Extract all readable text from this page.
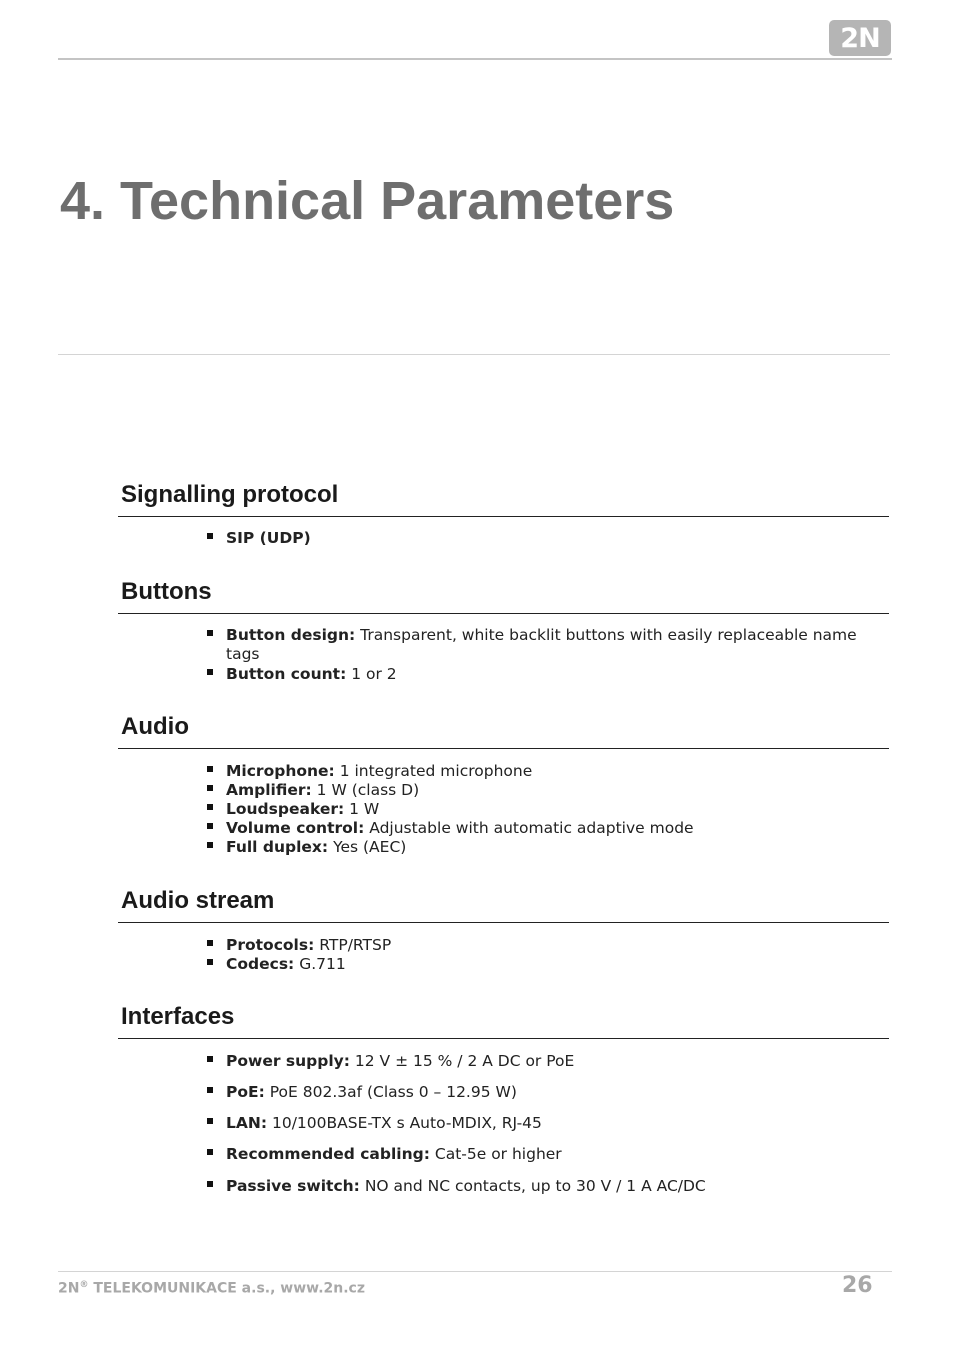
2N
4. Technical Parameters
Signalling protocol
SIP (UDP)
Buttons
Button design: Transparent, white backlit buttons with easily replaceable name tags
Button count: 1 or 2
Audio
Microphone: 1 integrated microphone
Amplifier: 1 W (class D)
Loudspeaker: 1 W
Volume control: Adjustable with automatic adaptive mode
Full duplex: Yes (AEC)
Audio stream
Protocols: RTP/RTSP
Codecs: G.711
Interfaces
Power supply: 12 V ± 15 % / 2 A DC or PoE
PoE: PoE 802.3af (Class 0 – 12.95 W)
LAN: 10/100BASE-TX s Auto-MDIX, RJ-45
Recommended cabling: Cat-5e or higher
Passive switch: NO and NC contacts, up to 30 V / 1 A AC/DC
2N® TELEKOMUNIKACE a.s., www.2n.cz	26
